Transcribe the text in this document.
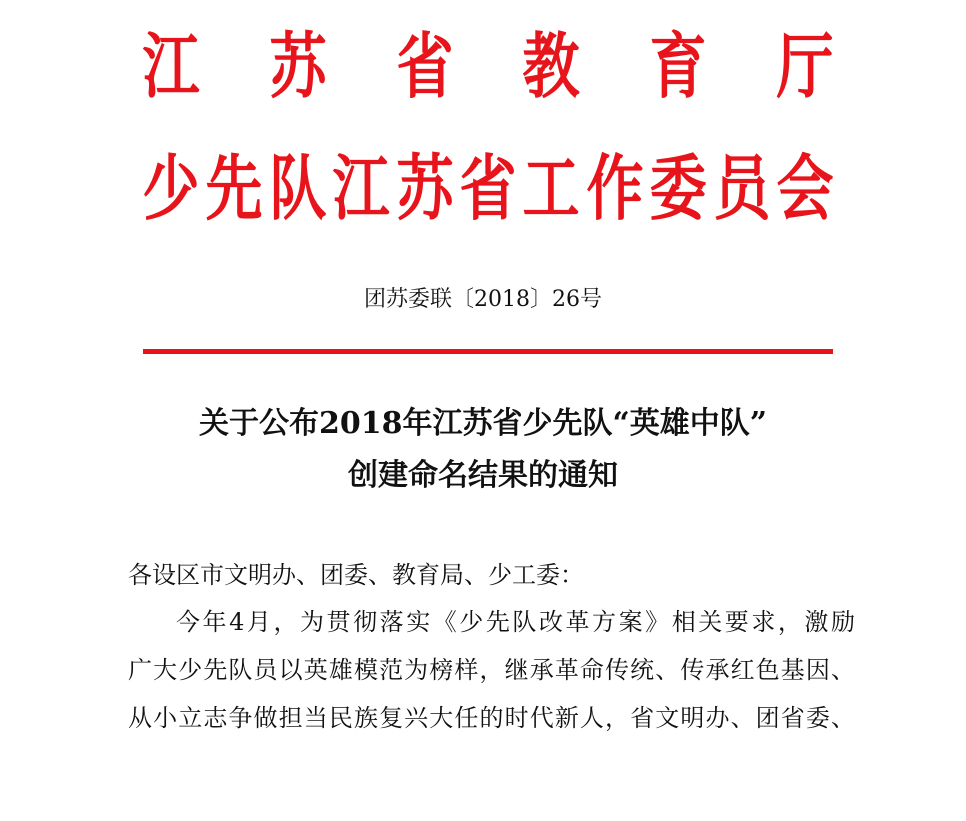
江 苏 省 教 育 厅
少 先 队 江 苏 省 工 作 委 员 会
团苏委联〔2018〕26号
关于公布2018年江苏省少先队“英雄中队”
创建命名结果的通知
各设区市文明办、团委、教育局、少工委：
今年4月，为贯彻落实《少先队改革方案》相关要求，激励
广大少先队员以英雄模范为榜样，继承革命传统、传承红色基因、
从小立志争做担当民族复兴大任的时代新人，省文明办、团省委、
